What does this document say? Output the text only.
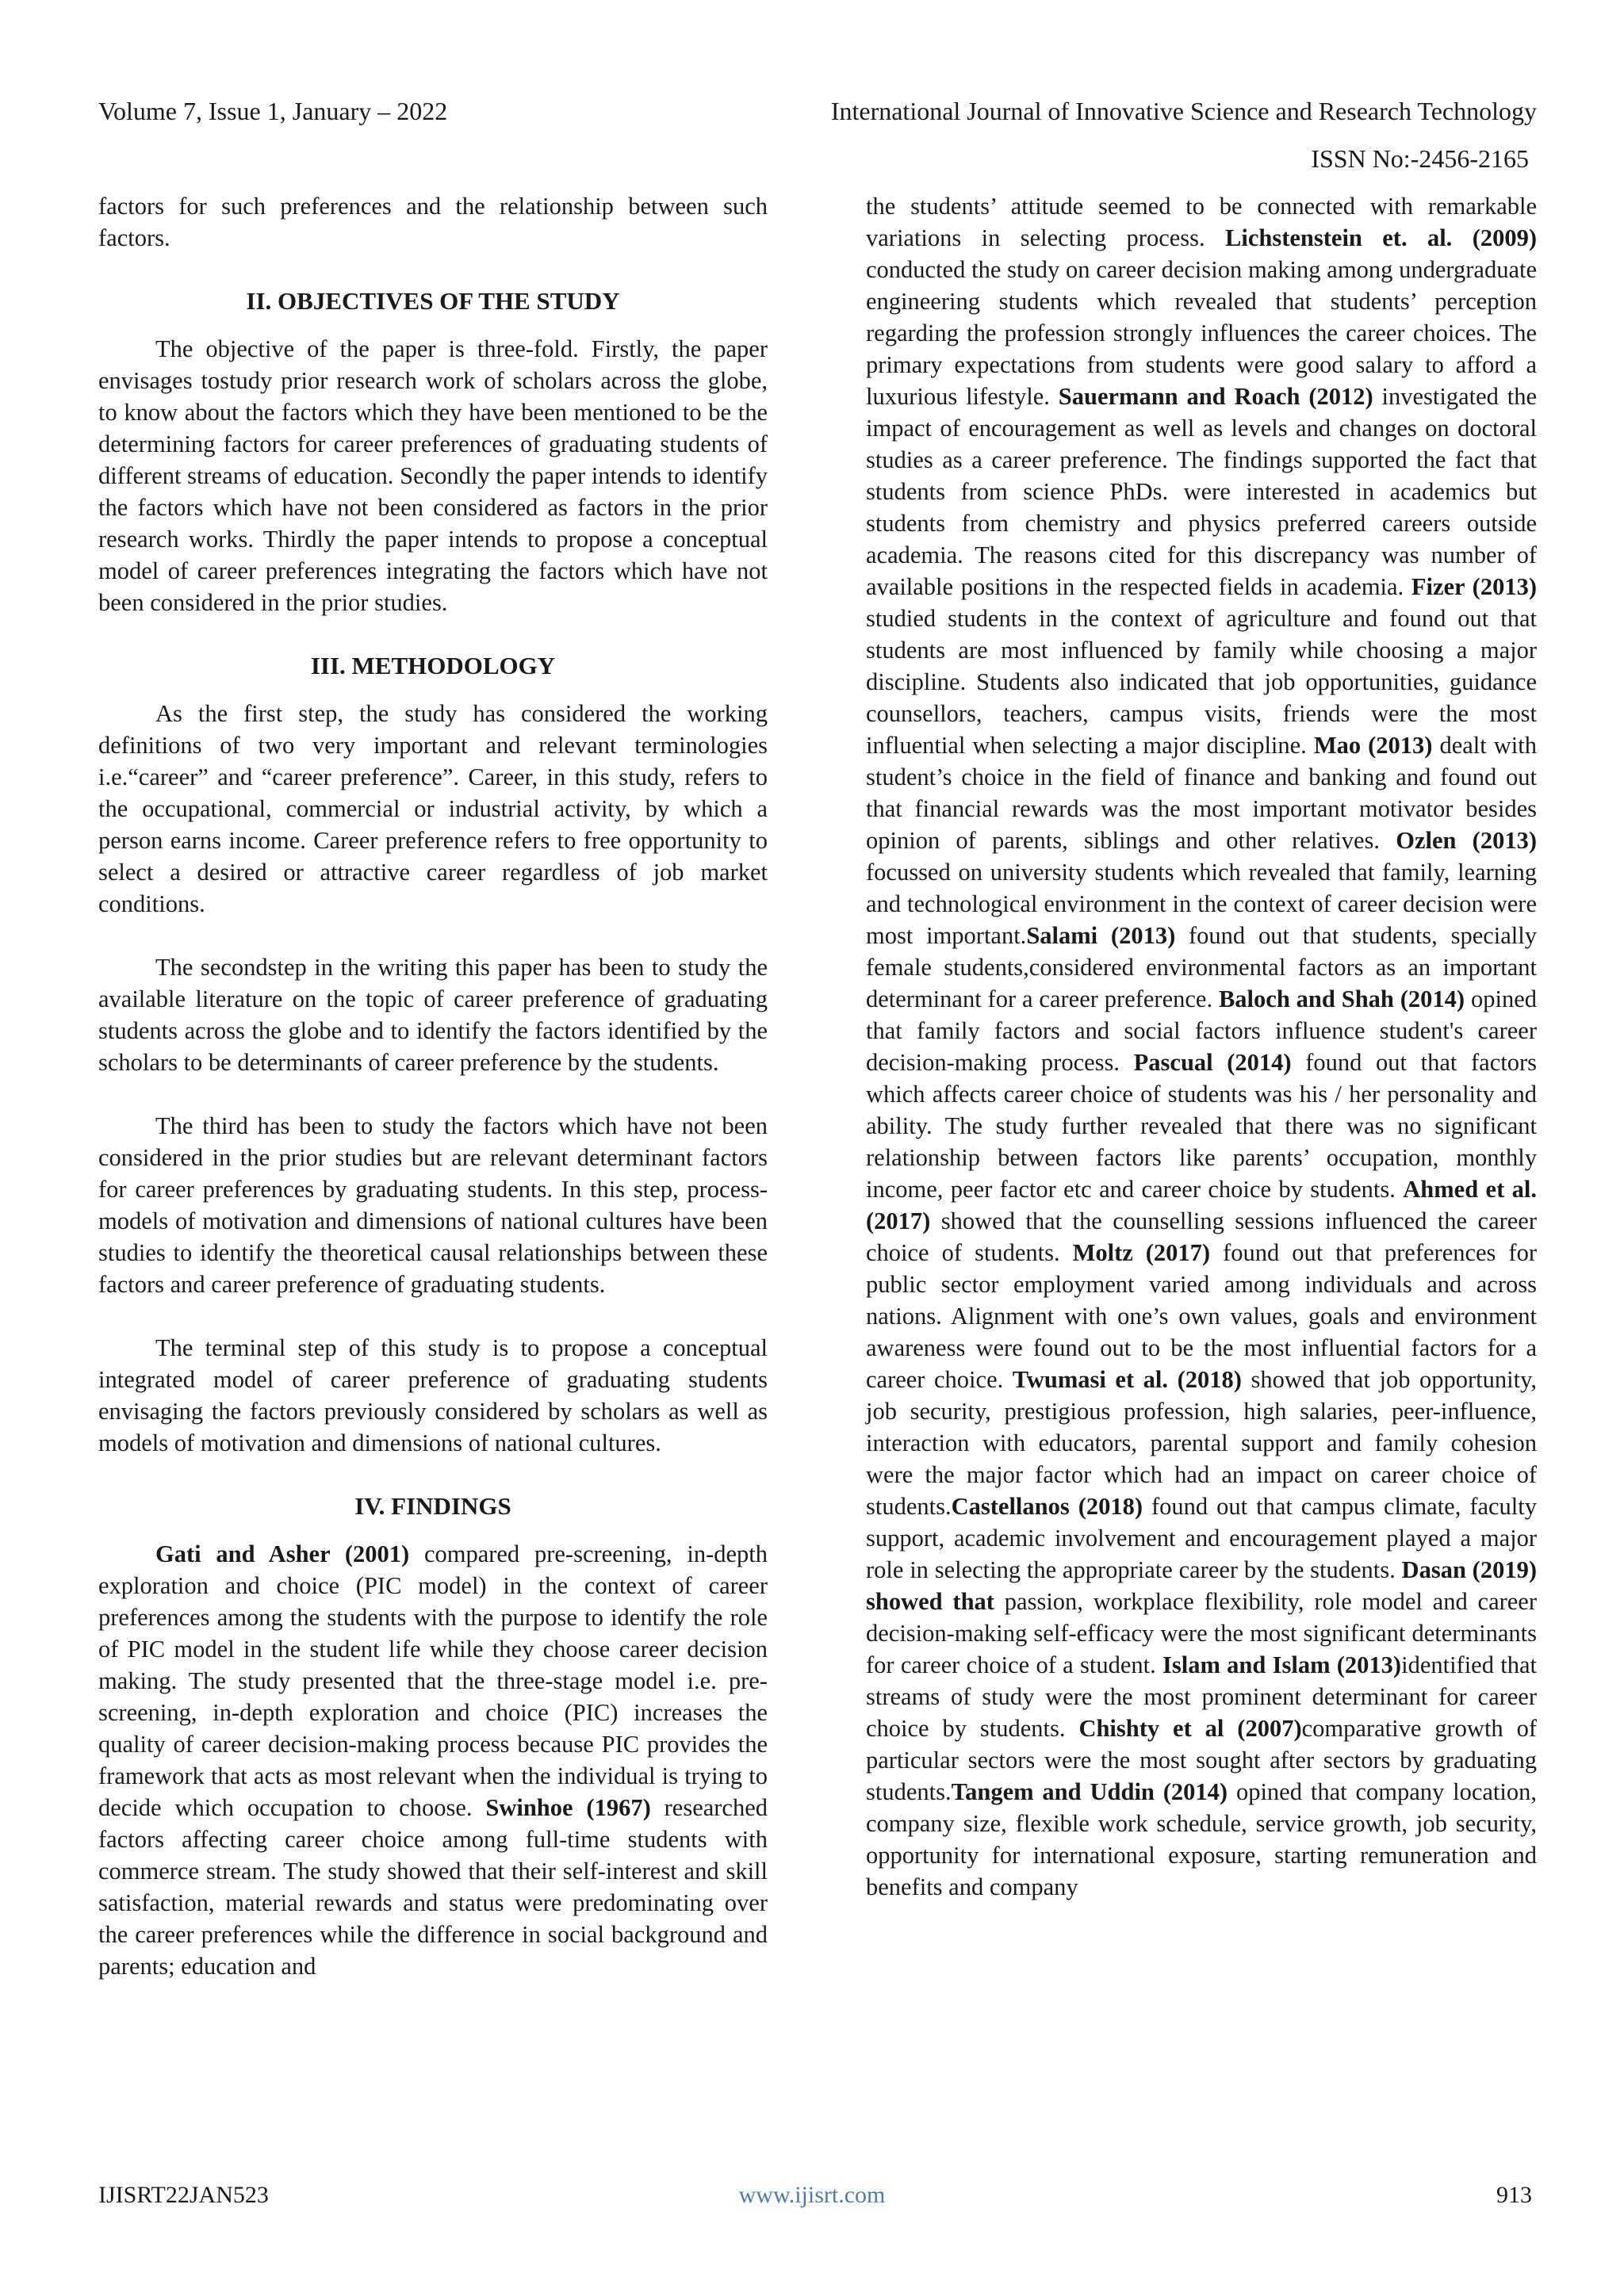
Volume 7, Issue 1, January – 2022	International Journal of Innovative Science and Research Technology
ISSN No:-2456-2165

factors for such preferences and the relationship between such factors.

II. OBJECTIVES OF THE STUDY

The objective of the paper is three-fold. Firstly, the paper envisages tostudy prior research work of scholars across the globe, to know about the factors which they have been mentioned to be the determining factors for career preferences of graduating students of different streams of education. Secondly the paper intends to identify the factors which have not been considered as factors in the prior research works. Thirdly the paper intends to propose a conceptual model of career preferences integrating the factors which have not been considered in the prior studies.

III. METHODOLOGY

As the first step, the study has considered the working definitions of two very important and relevant terminologies i.e.“career” and “career preference”. Career, in this study, refers to the occupational, commercial or industrial activity, by which a person earns income. Career preference refers to free opportunity to select a desired or attractive career regardless of job market conditions.

The secondstep in the writing this paper has been to study the available literature on the topic of career preference of graduating students across the globe and to identify the factors identified by the scholars to be determinants of career preference by the students.

The third has been to study the factors which have not been considered in the prior studies but are relevant determinant factors for career preferences by graduating students. In this step, process-models of motivation and dimensions of national cultures have been studies to identify the theoretical causal relationships between these factors and career preference of graduating students.

The terminal step of this study is to propose a conceptual integrated model of career preference of graduating students envisaging the factors previously considered by scholars as well as models of motivation and dimensions of national cultures.

IV. FINDINGS

Gati and Asher (2001) compared pre-screening, in-depth exploration and choice (PIC model) in the context of career preferences among the students with the purpose to identify the role of PIC model in the student life while they choose career decision making. The study presented that the three-stage model i.e. pre-screening, in-depth exploration and choice (PIC) increases the quality of career decision-making process because PIC provides the framework that acts as most relevant when the individual is trying to decide which occupation to choose. Swinhoe (1967) researched factors affecting career choice among full-time students with commerce stream. The study showed that their self-interest and skill satisfaction, material rewards and status were predominating over the career preferences while the difference in social background and parents; education and

the students’ attitude seemed to be connected with remarkable variations in selecting process. Lichstenstein et. al. (2009) conducted the study on career decision making among undergraduate engineering students which revealed that students’ perception regarding the profession strongly influences the career choices. The primary expectations from students were good salary to afford a luxurious lifestyle. Sauermann and Roach (2012) investigated the impact of encouragement as well as levels and changes on doctoral studies as a career preference. The findings supported the fact that students from science PhDs. were interested in academics but students from chemistry and physics preferred careers outside academia. The reasons cited for this discrepancy was number of available positions in the respected fields in academia. Fizer (2013) studied students in the context of agriculture and found out that students are most influenced by family while choosing a major discipline. Students also indicated that job opportunities, guidance counsellors, teachers, campus visits, friends were the most influential when selecting a major discipline. Mao (2013) dealt with student’s choice in the field of finance and banking and found out that financial rewards was the most important motivator besides opinion of parents, siblings and other relatives. Ozlen (2013) focussed on university students which revealed that family, learning and technological environment in the context of career decision were most important.Salami (2013) found out that students, specially female students,considered environmental factors as an important determinant for a career preference. Baloch and Shah (2014) opined that family factors and social factors influence student's career decision-making process. Pascual (2014) found out that factors which affects career choice of students was his / her personality and ability. The study further revealed that there was no significant relationship between factors like parents’ occupation, monthly income, peer factor etc and career choice by students. Ahmed et al. (2017) showed that the counselling sessions influenced the career choice of students. Moltz (2017) found out that preferences for public sector employment varied among individuals and across nations. Alignment with one’s own values, goals and environment awareness were found out to be the most influential factors for a career choice. Twumasi et al. (2018) showed that job opportunity, job security, prestigious profession, high salaries, peer-influence, interaction with educators, parental support and family cohesion were the major factor which had an impact on career choice of students.Castellanos (2018) found out that campus climate, faculty support, academic involvement and encouragement played a major role in selecting the appropriate career by the students. Dasan (2019) showed that passion, workplace flexibility, role model and career decision-making self-efficacy were the most significant determinants for career choice of a student. Islam and Islam (2013)identified that streams of study were the most prominent determinant for career choice by students. Chishty et al (2007)comparative growth of particular sectors were the most sought after sectors by graduating students.Tangem and Uddin (2014) opined that company location, company size, flexible work schedule, service growth, job security, opportunity for international exposure, starting remuneration and benefits and company

IJISRT22JAN523	www.ijisrt.com	913
